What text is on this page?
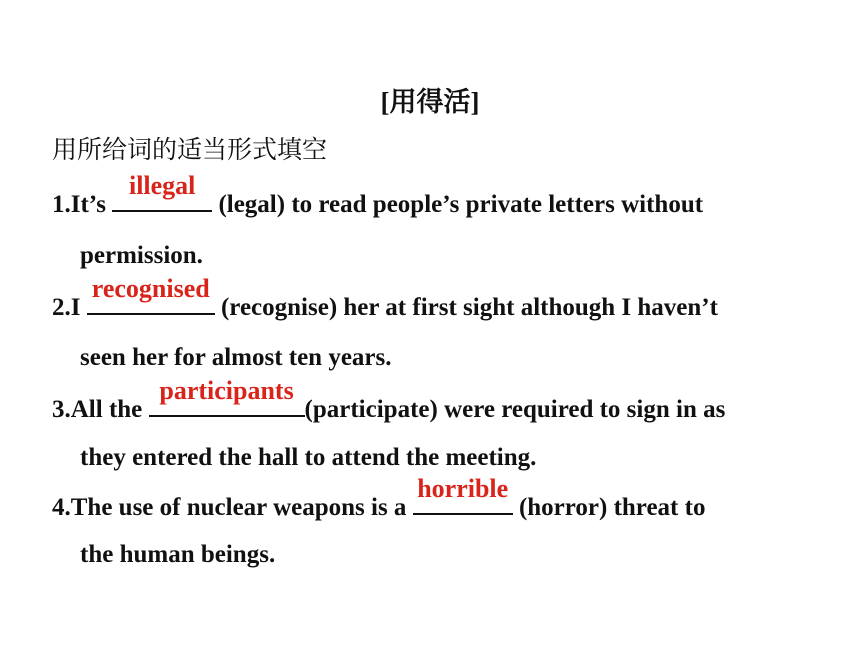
[用得活]
用所给词的适当形式填空
1.It’s
illegal
(legal) to read people’s private letters without
permission.
2.I
recognised
(recognise) her at first sight although I haven’t
seen her for almost ten years.
3.All the
participants
(participate) were required to sign in as
they entered the hall to attend the meeting.
4.The use of nuclear weapons is a
horrible
(horror) threat to
the human beings.
